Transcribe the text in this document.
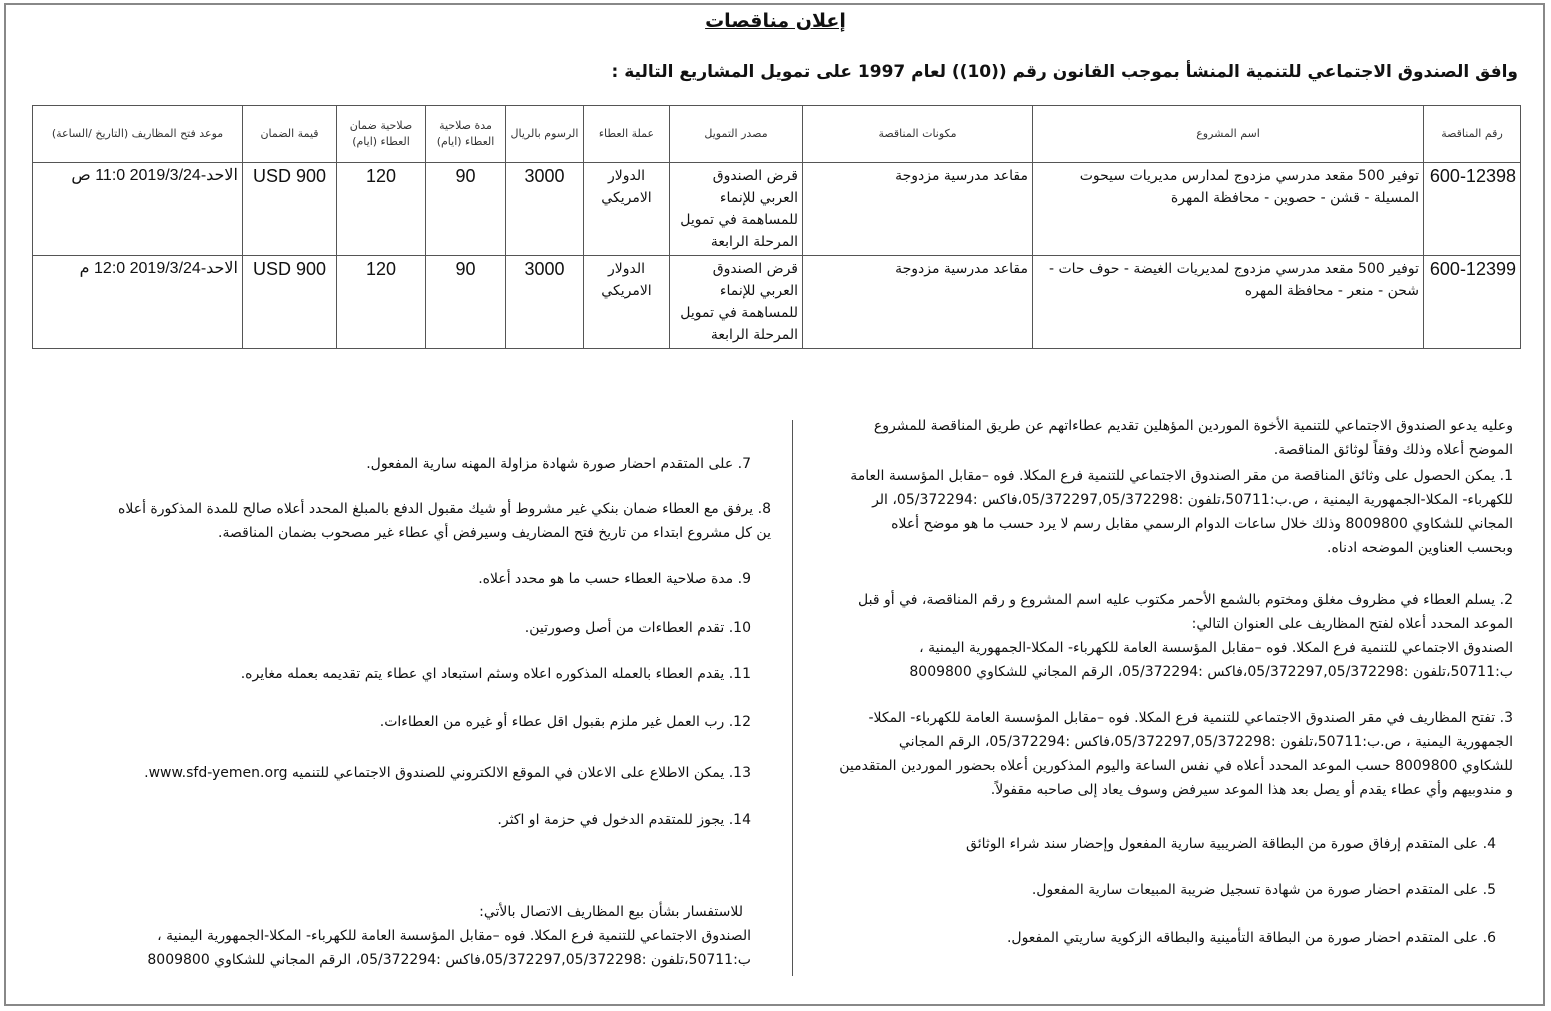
إعلان مناقصات
وافق الصندوق الاجتماعي للتنمية المنشأ بموجب القانون رقم ((10)) لعام 1997 على تمويل المشاريع التالية :
رقم المناقصة	اسم المشروع	مكونات المناقصة	مصدر التمويل	عملة العطاء	الرسوم بالريال	مدة صلاحية العطاء (ايام)	صلاحية ضمان العطاء (ايام)	قيمة الضمان	موعد فتح المظاريف (التاريخ /الساعة)
600-12398	توفير 500 مقعد مدرسي مزدوج لمدارس مديريات سيحوت المسيلة - قشن - حصوين - محافظة المهرة	مقاعد مدرسية مزدوجة	قرض الصندوق العربي للإنماء للمساهمة في تمويل المرحلة الرابعة	الدولار الامريكي	3000	90	120	USD 900	الاحد-2019/3/24 11:0 ص
600-12399	توفير 500 مقعد مدرسي مزدوج لمديريات الغيضة - حوف حات - شحن - منعر - محافظة المهره	مقاعد مدرسية مزدوجة	قرض الصندوق العربي للإنماء للمساهمة في تمويل المرحلة الرابعة	الدولار الامريكي	3000	90	120	USD 900	الاحد-2019/3/24 12:0 م
وعليه يدعو الصندوق الاجتماعي للتنمية الأخوة الموردين المؤهلين تقديم عطاءاتهم عن طريق المناقصة للمشروع
الموضح أعلاه وذلك وفقاً لوثائق المناقصة.
1. يمكن الحصول على وثائق المناقصة من مقر الصندوق الاجتماعي للتنمية فرع المكلا. فوه –مقابل المؤسسة العامة
للكهرباء- المكلا-الجمهورية اليمنية ، ص.ب:50711،تلفون :05/372297,05/372298،فاكس :05/372294، الر
المجاني للشكاوي 8009800 وذلك خلال ساعات الدوام الرسمي مقابل رسم لا يرد حسب ما هو موضح أعلاه
وبحسب العناوين الموضحه ادناه.
2. يسلم العطاء في مظروف مغلق ومختوم بالشمع الأحمر مكتوب عليه اسم المشروع و رقم المناقصة، في أو قبل
الموعد المحدد أعلاه لفتح المظاريف على العنوان التالي:
الصندوق الاجتماعي للتنمية فرع المكلا. فوه –مقابل المؤسسة العامة للكهرباء- المكلا-الجمهورية اليمنية ،
ب:50711،تلفون :05/372297,05/372298،فاكس :05/372294، الرقم المجاني للشكاوي 8009800
3. تفتح المظاريف في مقر الصندوق الاجتماعي للتنمية فرع المكلا. فوه –مقابل المؤسسة العامة للكهرباء- المكلا-
الجمهورية اليمنية ، ص.ب:50711،تلفون :05/372297,05/372298،فاكس :05/372294، الرقم المجاني
للشكاوي 8009800 حسب الموعد المحدد أعلاه في نفس الساعة واليوم المذكورين أعلاه بحضور الموردين المتقدمين
و مندوبيهم وأي عطاء يقدم أو يصل بعد هذا الموعد سيرفض وسوف يعاد إلى صاحبه مقفولاً.
4. على المتقدم إرفاق صورة من البطاقة الضريبية سارية المفعول وإحضار سند شراء الوثائق
5. على المتقدم احضار صورة من شهادة تسجيل ضريبة المبيعات سارية المفعول.
6. على المتقدم احضار صورة من البطاقة التأمينية والبطاقه الزكوية ساريتي المفعول.
7. على المتقدم احضار صورة شهادة مزاولة المهنه سارية المفعول.
8. يرفق مع العطاء ضمان بنكي غير مشروط أو شيك مقبول الدفع بالمبلغ المحدد أعلاه صالح للمدة المذكورة أعلاه
ين كل مشروع ابتداء من تاريخ فتح المضاريف وسيرفض أي عطاء غير مصحوب بضمان المناقصة.
9. مدة صلاحية العطاء حسب ما هو محدد أعلاه.
10. تقدم العطاءات من أصل وصورتين.
11. يقدم العطاء بالعمله المذكوره اعلاه وسثم استبعاد اي عطاء يتم تقديمه بعمله مغايره.
12. رب العمل غير ملزم بقبول اقل عطاء أو غيره من العطاءات.
13. يمكن الاطلاع على الاعلان في الموقع الالكتروني للصندوق الاجتماعي للتنميه www.sfd-yemen.org.
14. يجوز للمتقدم الدخول في حزمة او اكثر.
للاستفسار بشأن بيع المظاريف الاتصال بالأتي:
الصندوق الاجتماعي للتنمية فرع المكلا. فوه –مقابل المؤسسة العامة للكهرباء- المكلا-الجمهورية اليمنية ،
ب:50711،تلفون :05/372297,05/372298،فاكس :05/372294، الرقم المجاني للشكاوي 8009800
